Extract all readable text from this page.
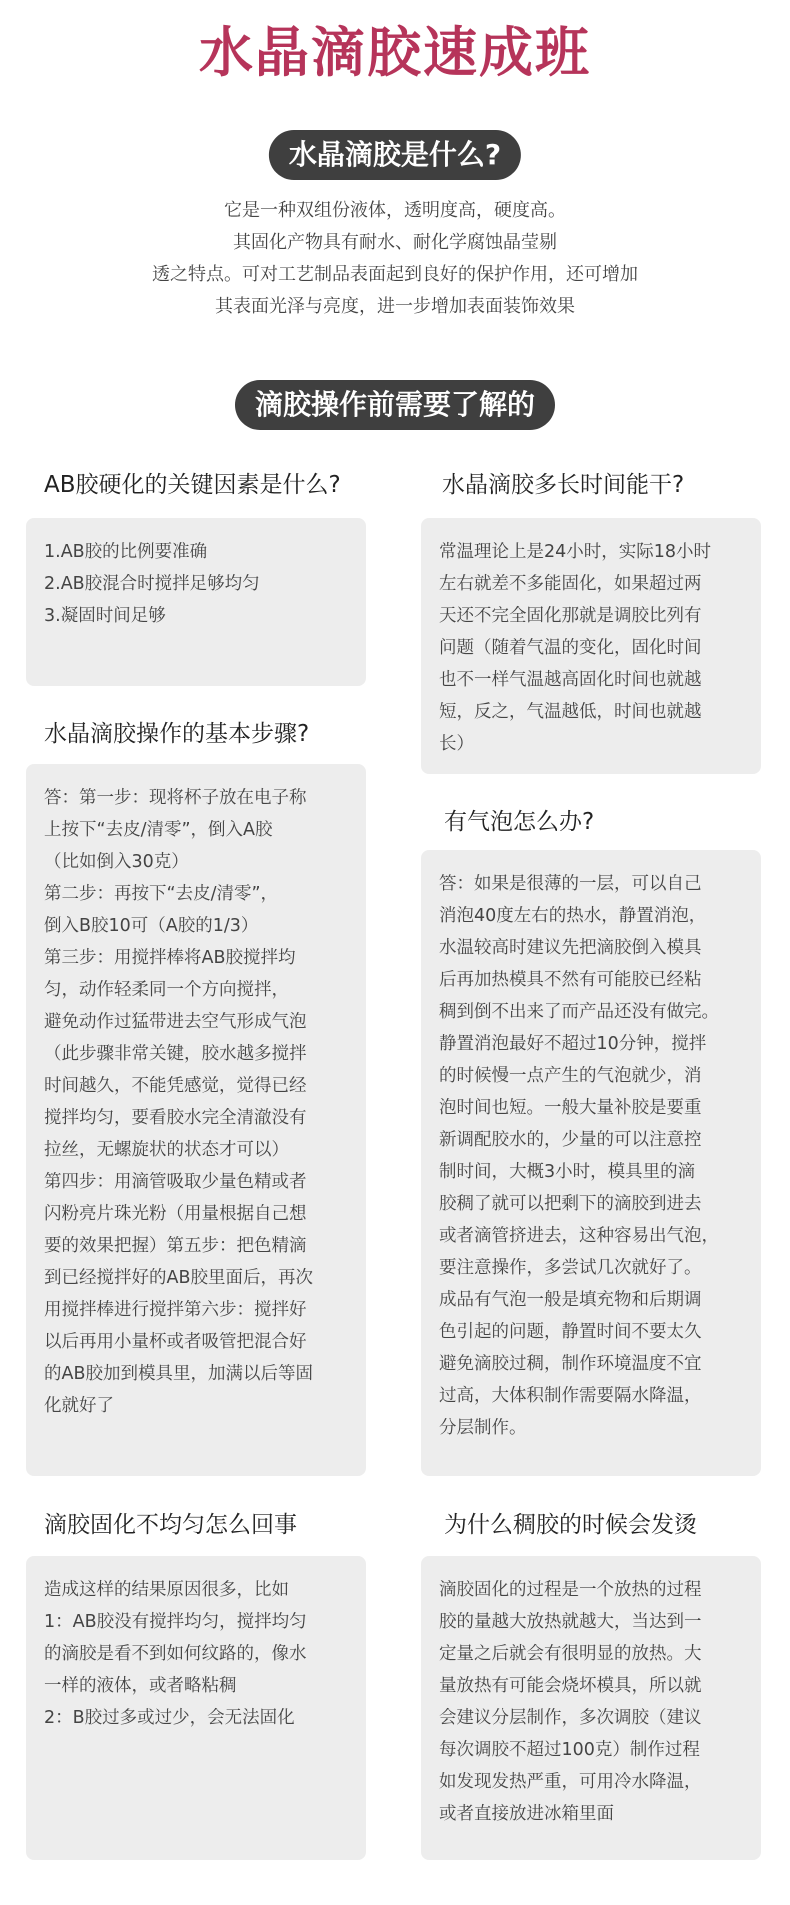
水晶滴胶速成班
水晶滴胶是什么?
它是一种双组份液体，透明度高，硬度高。
其固化产物具有耐水、耐化学腐蚀晶莹剔
透之特点。可对工艺制品表面起到良好的保护作用，还可增加
其表面光泽与亮度，进一步增加表面装饰效果
滴胶操作前需要了解的
AB胶硬化的关键因素是什么?
1.AB胶的比例要准确
2.AB胶混合时搅拌足够均匀
3.凝固时间足够
水晶滴胶操作的基本步骤?
答：第一步：现将杯子放在电子称
上按下“去皮/清零”，倒入A胶
（比如倒入30克）
第二步：再按下“去皮/清零”，
倒入B胶10可（A胶的1/3）
第三步：用搅拌棒将AB胶搅拌均
匀，动作轻柔同一个方向搅拌，
避免动作过猛带进去空气形成气泡
（此步骤非常关键，胶水越多搅拌
时间越久，不能凭感觉，觉得已经
搅拌均匀，要看胶水完全清澈没有
拉丝，无螺旋状的状态才可以）
第四步：用滴管吸取少量色精或者
闪粉亮片珠光粉（用量根据自己想
要的效果把握）第五步：把色精滴
到已经搅拌好的AB胶里面后，再次
用搅拌棒进行搅拌第六步：搅拌好
以后再用小量杯或者吸管把混合好
的AB胶加到模具里，加满以后等固
化就好了
滴胶固化不均匀怎么回事
造成这样的结果原因很多，比如
1：AB胶没有搅拌均匀，搅拌均匀
的滴胶是看不到如何纹路的，像水
一样的液体，或者略粘稠
2：B胶过多或过少，会无法固化
水晶滴胶多长时间能干?
常温理论上是24小时，实际18小时
左右就差不多能固化，如果超过两
天还不完全固化那就是调胶比列有
问题（随着气温的变化，固化时间
也不一样气温越高固化时间也就越
短，反之，气温越低，时间也就越
长）
有气泡怎么办?
答：如果是很薄的一层，可以自己
消泡40度左右的热水，静置消泡，
水温较高时建议先把滴胶倒入模具
后再加热模具不然有可能胶已经粘
稠到倒不出来了而产品还没有做完。
静置消泡最好不超过10分钟，搅拌
的时候慢一点产生的气泡就少，消
泡时间也短。一般大量补胶是要重
新调配胶水的，少量的可以注意控
制时间，大概3小时，模具里的滴
胶稠了就可以把剩下的滴胶到进去
或者滴管挤进去，这种容易出气泡，
要注意操作，多尝试几次就好了。
成品有气泡一般是填充物和后期调
色引起的问题，静置时间不要太久
避免滴胶过稠，制作环境温度不宜
过高，大体积制作需要隔水降温，
分层制作。
为什么稠胶的时候会发烫
滴胶固化的过程是一个放热的过程
胶的量越大放热就越大，当达到一
定量之后就会有很明显的放热。大
量放热有可能会烧坏模具，所以就
会建议分层制作，多次调胶（建议
每次调胶不超过100克）制作过程
如发现发热严重，可用冷水降温，
或者直接放进冰箱里面
